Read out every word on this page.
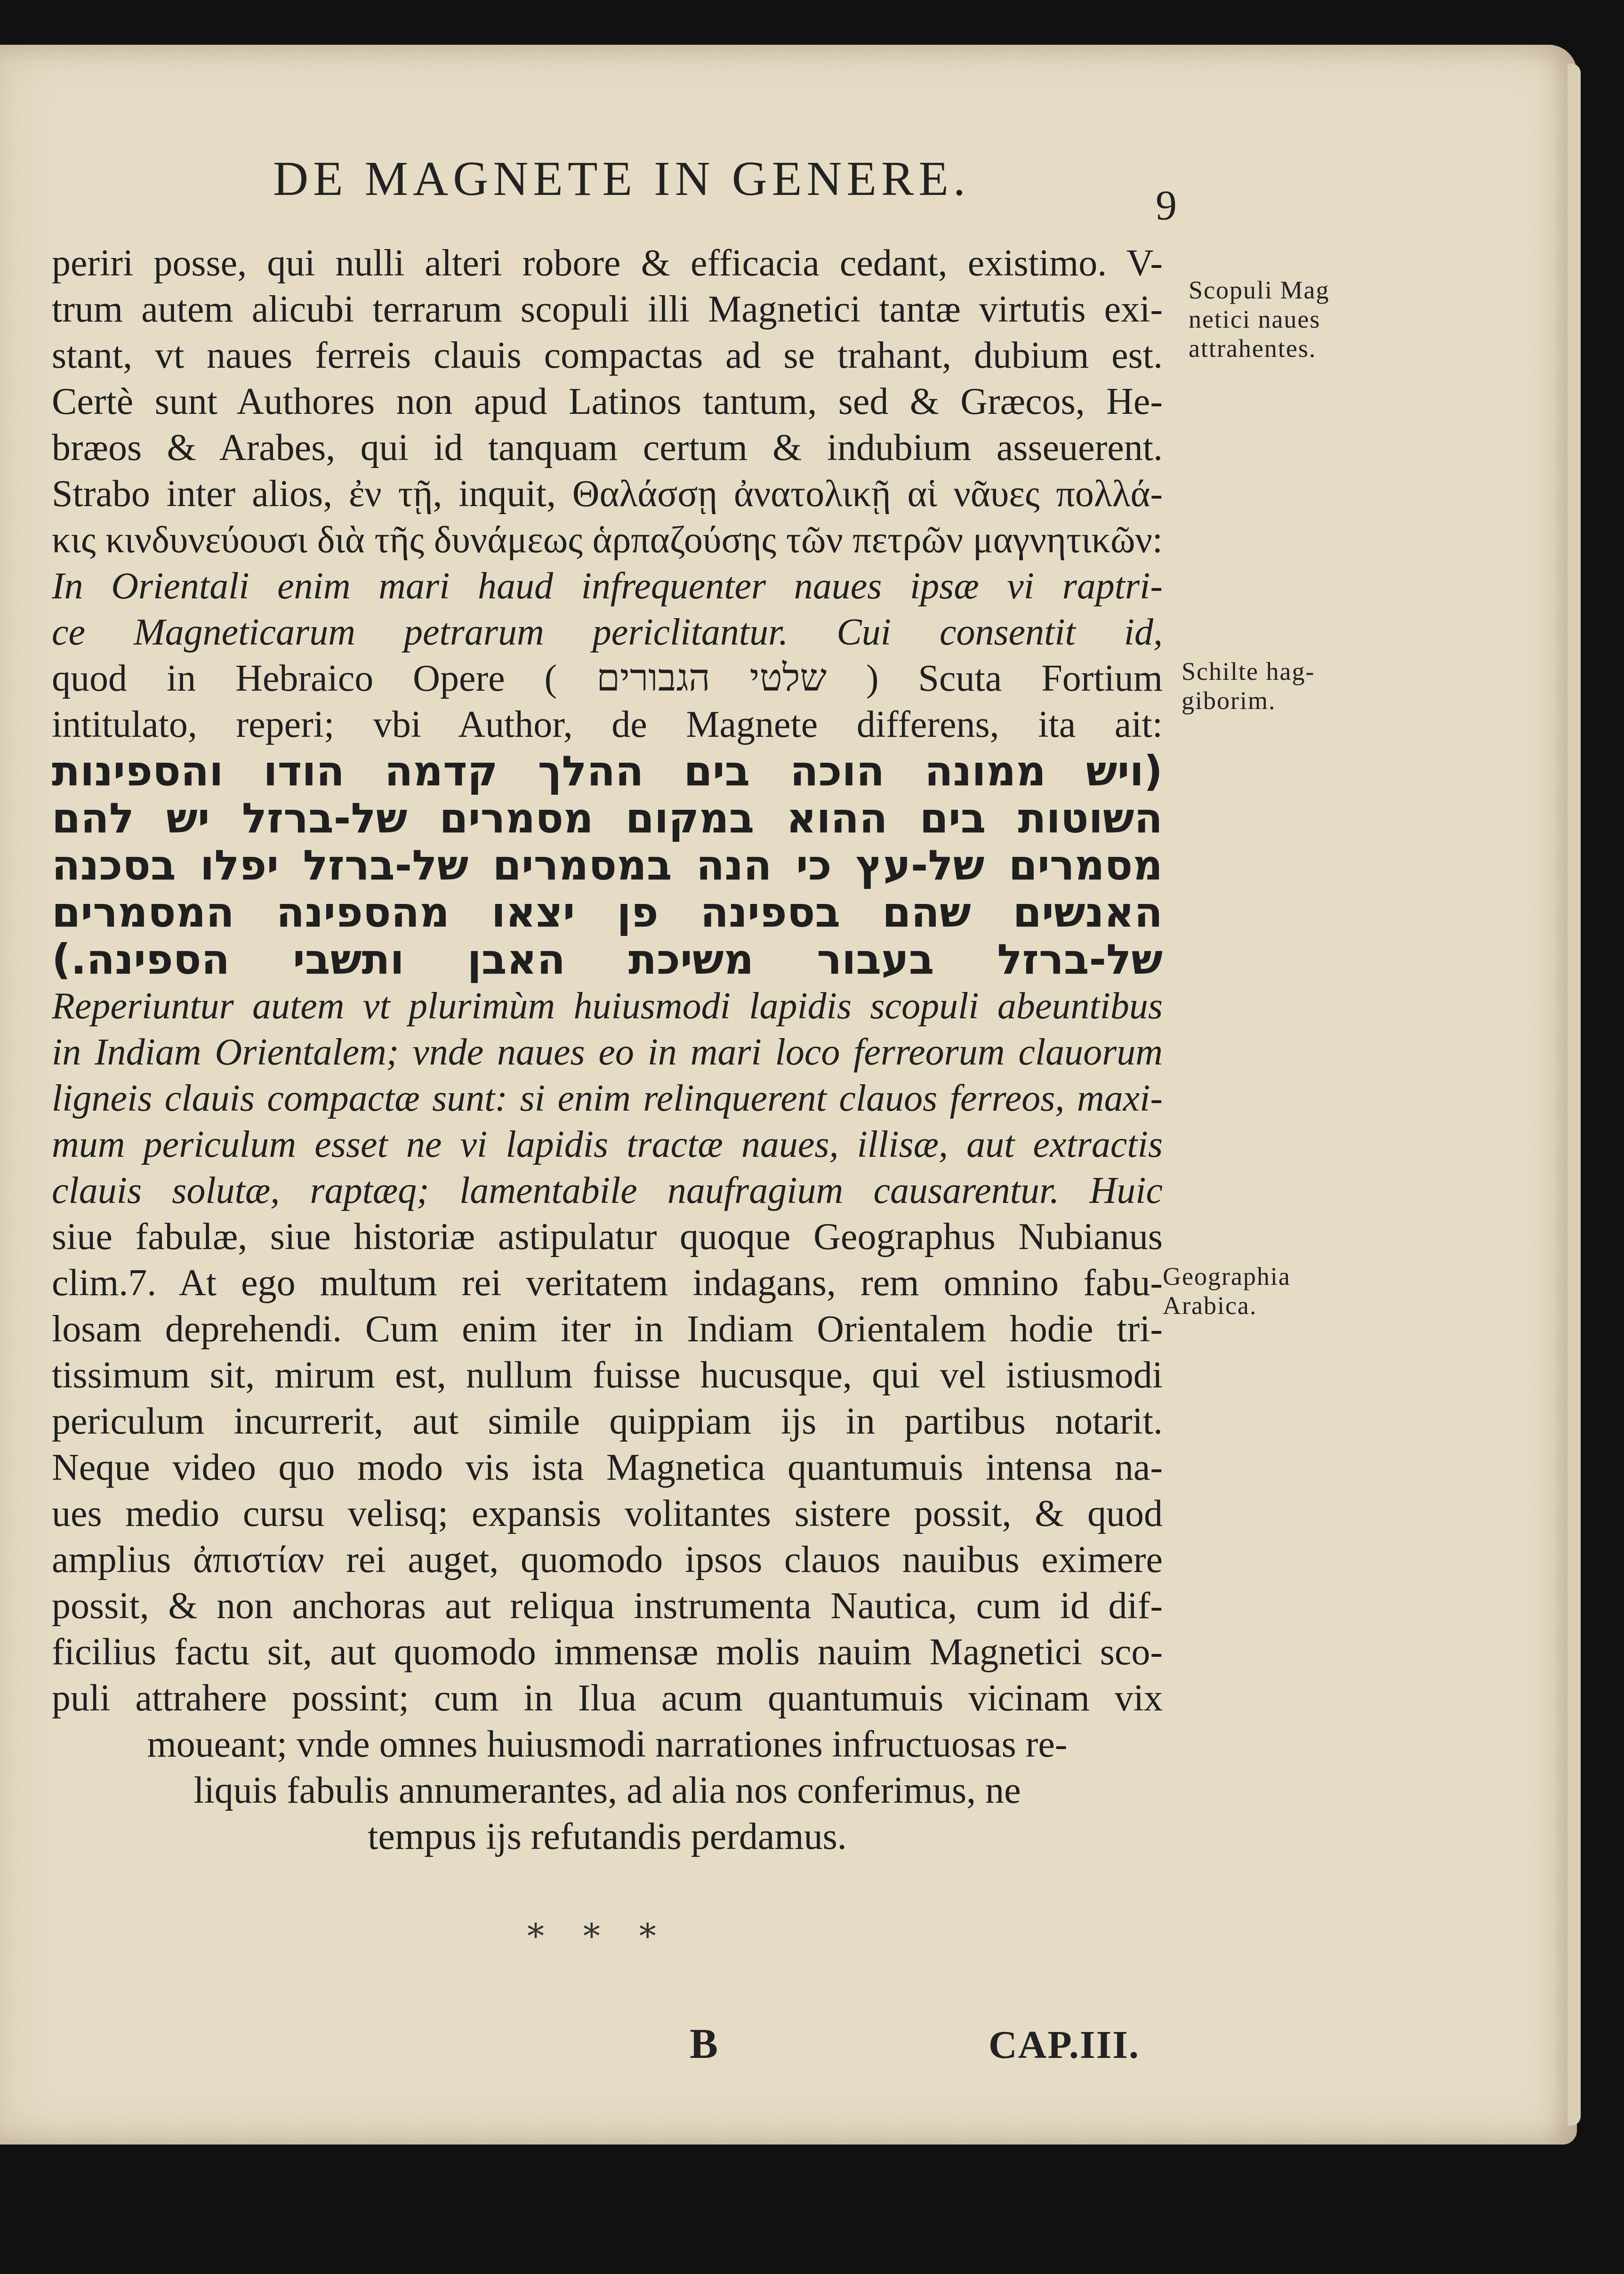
DE MAGNETE IN GENERE.	9
periri posse, qui nulli alteri robore & efficacia cedant, existimo. V-
trum autem alicubi terrarum scopuli illi Magnetici tantæ virtutis exi-
stant, vt naues ferreis clauis compactas ad se trahant, dubium est.
Certè sunt Authores non apud Latinos tantum, sed & Græcos, He-
bræos & Arabes, qui id tanquam certum & indubium asseuerent.
Strabo inter alios, ἐν τῇ, inquit, Θαλάσσῃ ἀνατολικῇ αἱ νᾶυες πολλά-
κις κινδυνεύουσι διὰ τῆς δυνάμεως ἁρπαζούσης τῶν πετρῶν μαγνητικῶν:
In Orientali enim mari haud infrequenter naues ipsæ vi raptri-
ce Magneticarum petrarum periclitantur. Cui consentit id,
quod in Hebraico Opere ( שלטי הגבורים ) Scuta Fortium
intitulato, reperi; vbi Author, de Magnete differens, ita ait:
(ויש ממונה הוכה בים ההלך קדמה הודו והספינות
השוטות בים ההוא במקום מסמרים של-ברזל יש להם
מסמרים של-עץ כי הנה במסמרים של-ברזל יפלו בסכנה
האנשים שהם בספינה פן יצאו מהספינה המסמרים
של-ברזל בעבור משיכת האבן ותשבי הספינה.)
Reperiuntur autem vt plurimùm huiusmodi lapidis scopuli abeuntibus
in Indiam Orientalem; vnde naues eo in mari loco ferreorum clauorum
ligneis clauis compactæ sunt: si enim relinquerent clauos ferreos, maxi-
mum periculum esset ne vi lapidis tractæ naues, illisæ, aut extractis
clauis solutæ, raptæq; lamentabile naufragium causarentur. Huic
siue fabulæ, siue historiæ astipulatur quoque Geographus Nubianus
clim.7. At ego multum rei veritatem indagans, rem omnino fabu-
losam deprehendi. Cum enim iter in Indiam Orientalem hodie tri-
tissimum sit, mirum est, nullum fuisse hucusque, qui vel istiusmodi
periculum incurrerit, aut simile quippiam ijs in partibus notarit.
Neque video quo modo vis ista Magnetica quantumuis intensa na-
ues medio cursu velisq; expansis volitantes sistere possit, & quod
amplius ἀπιστίαν rei auget, quomodo ipsos clauos nauibus eximere
possit, & non anchoras aut reliqua instrumenta Nautica, cum id dif-
ficilius factu sit, aut quomodo immensæ molis nauim Magnetici sco-
puli attrahere possint; cum in Ilua acum quantumuis vicinam vix
moueant; vnde omnes huiusmodi narrationes infructuosas re-
liquis fabulis annumerantes, ad alia nos conferimus, ne
tempus ijs refutandis perdamus.
Scopuli Mag
netici naues
attrahentes.
Schilte hag-
giborim.
Geographia
Arabica.
* * *
B	CAP.III.
